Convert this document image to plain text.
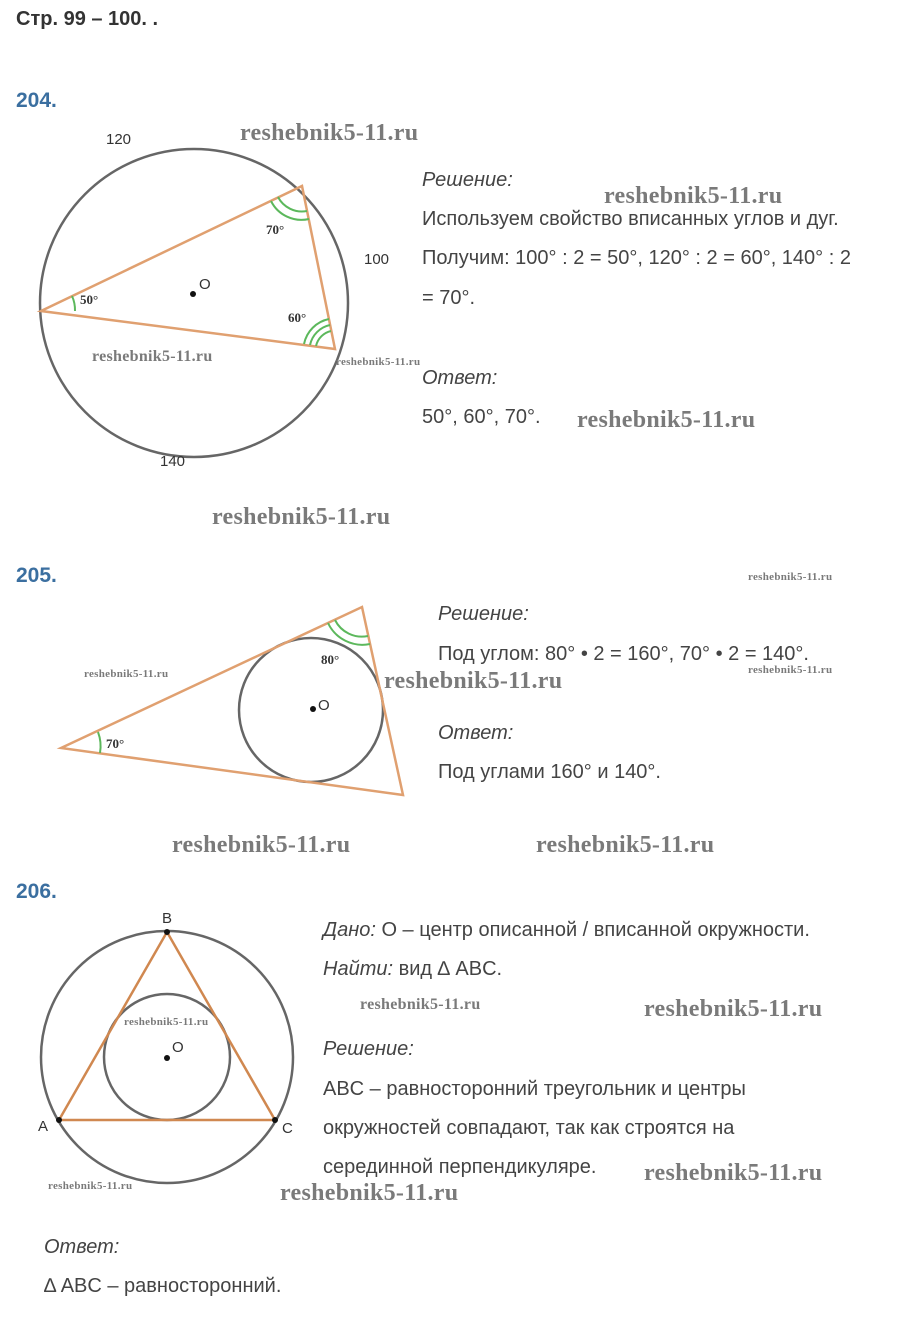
Стр. 99 – 100. .
204.
O
120
100
140
50°
70°
60°
Решение:
Используем свойство вписанных углов и дуг.
Получим: 100° : 2 = 50°, 120° : 2 = 60°, 140° : 2
= 70°.
Ответ:
50°, 60°, 70°.
reshebnik5-11.ru
reshebnik5-11.ru
reshebnik5-11.ru	reshebnik5-11.ru
reshebnik5-11.ru
reshebnik5-11.ru
205.
O
80°
70°
Решение:
Под углом: 80° • 2 = 160°, 70° • 2 = 140°.
Ответ:
Под углами 160° и 140°.
reshebnik5-11.ru
reshebnik5-11.ru	reshebnik5-11.ru	reshebnik5-11.ru
reshebnik5-11.ru	reshebnik5-11.ru
206.
A
B
C
O
Дано: O – центр описанной / вписанной окружности.
Найти: вид ∆ ABC.
Решение:
ABC – равносторонний треугольник и центры
окружностей совпадают, так как строятся на
серединной перпендикуляре.
Ответ:
∆ ABC – равносторонний.
reshebnik5-11.ru	reshebnik5-11.ru
reshebnik5-11.ru
reshebnik5-11.ru
reshebnik5-11.ru	reshebnik5-11.ru
